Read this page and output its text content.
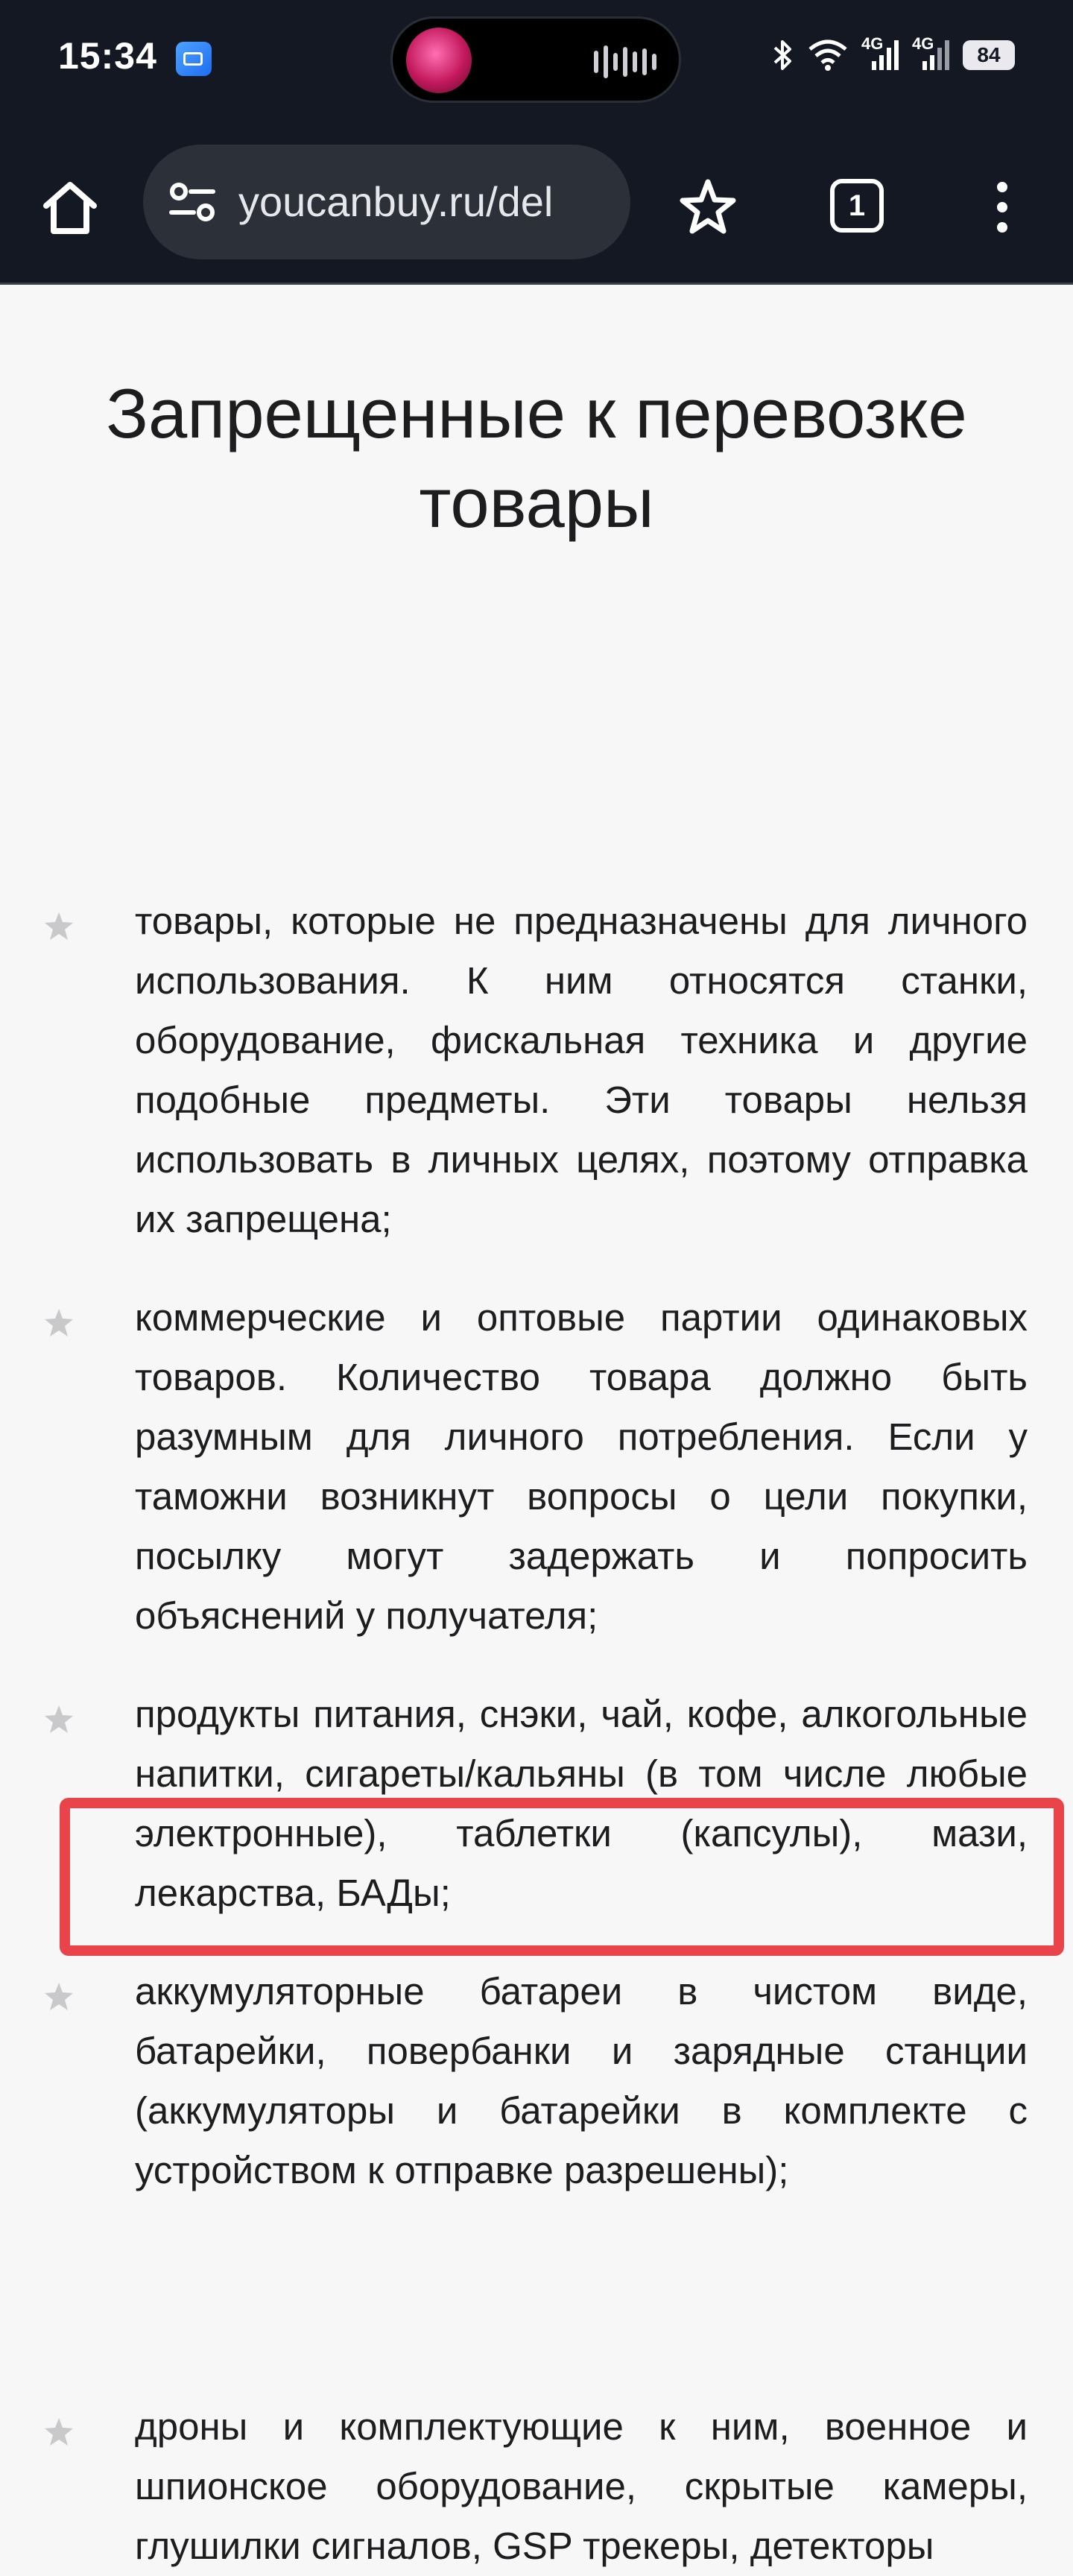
15:34	4G 4G	84
youcanbuy.ru/del	1
Запрещенные к перевозке товары

товары, которые не предназначены для личного использования. К ним относятся станки, оборудование, фискальная техника и другие подобные предметы. Эти товары нельзя использовать в личных целях, поэтому отправка их запрещена;

коммерческие и оптовые партии одинаковых товаров. Количество товара должно быть разумным для личного потребления. Если у таможни возникнут вопросы о цели покупки, посылку могут задержать и попросить объяснений у получателя;

продукты питания, снэки, чай, кофе, алкогольные напитки, сигареты/кальяны (в том числе любые электронные), таблетки (капсулы), мази, лекарства, БАДы;

аккумуляторные батареи в чистом виде, батарейки, повербанки и зарядные станции (аккумуляторы и батарейки в комплекте с устройством к отправке разрешены);

дроны и комплектующие к ним, военное и шпионское оборудование, скрытые камеры, глушилки сигналов, GSP трекеры, детекторы
